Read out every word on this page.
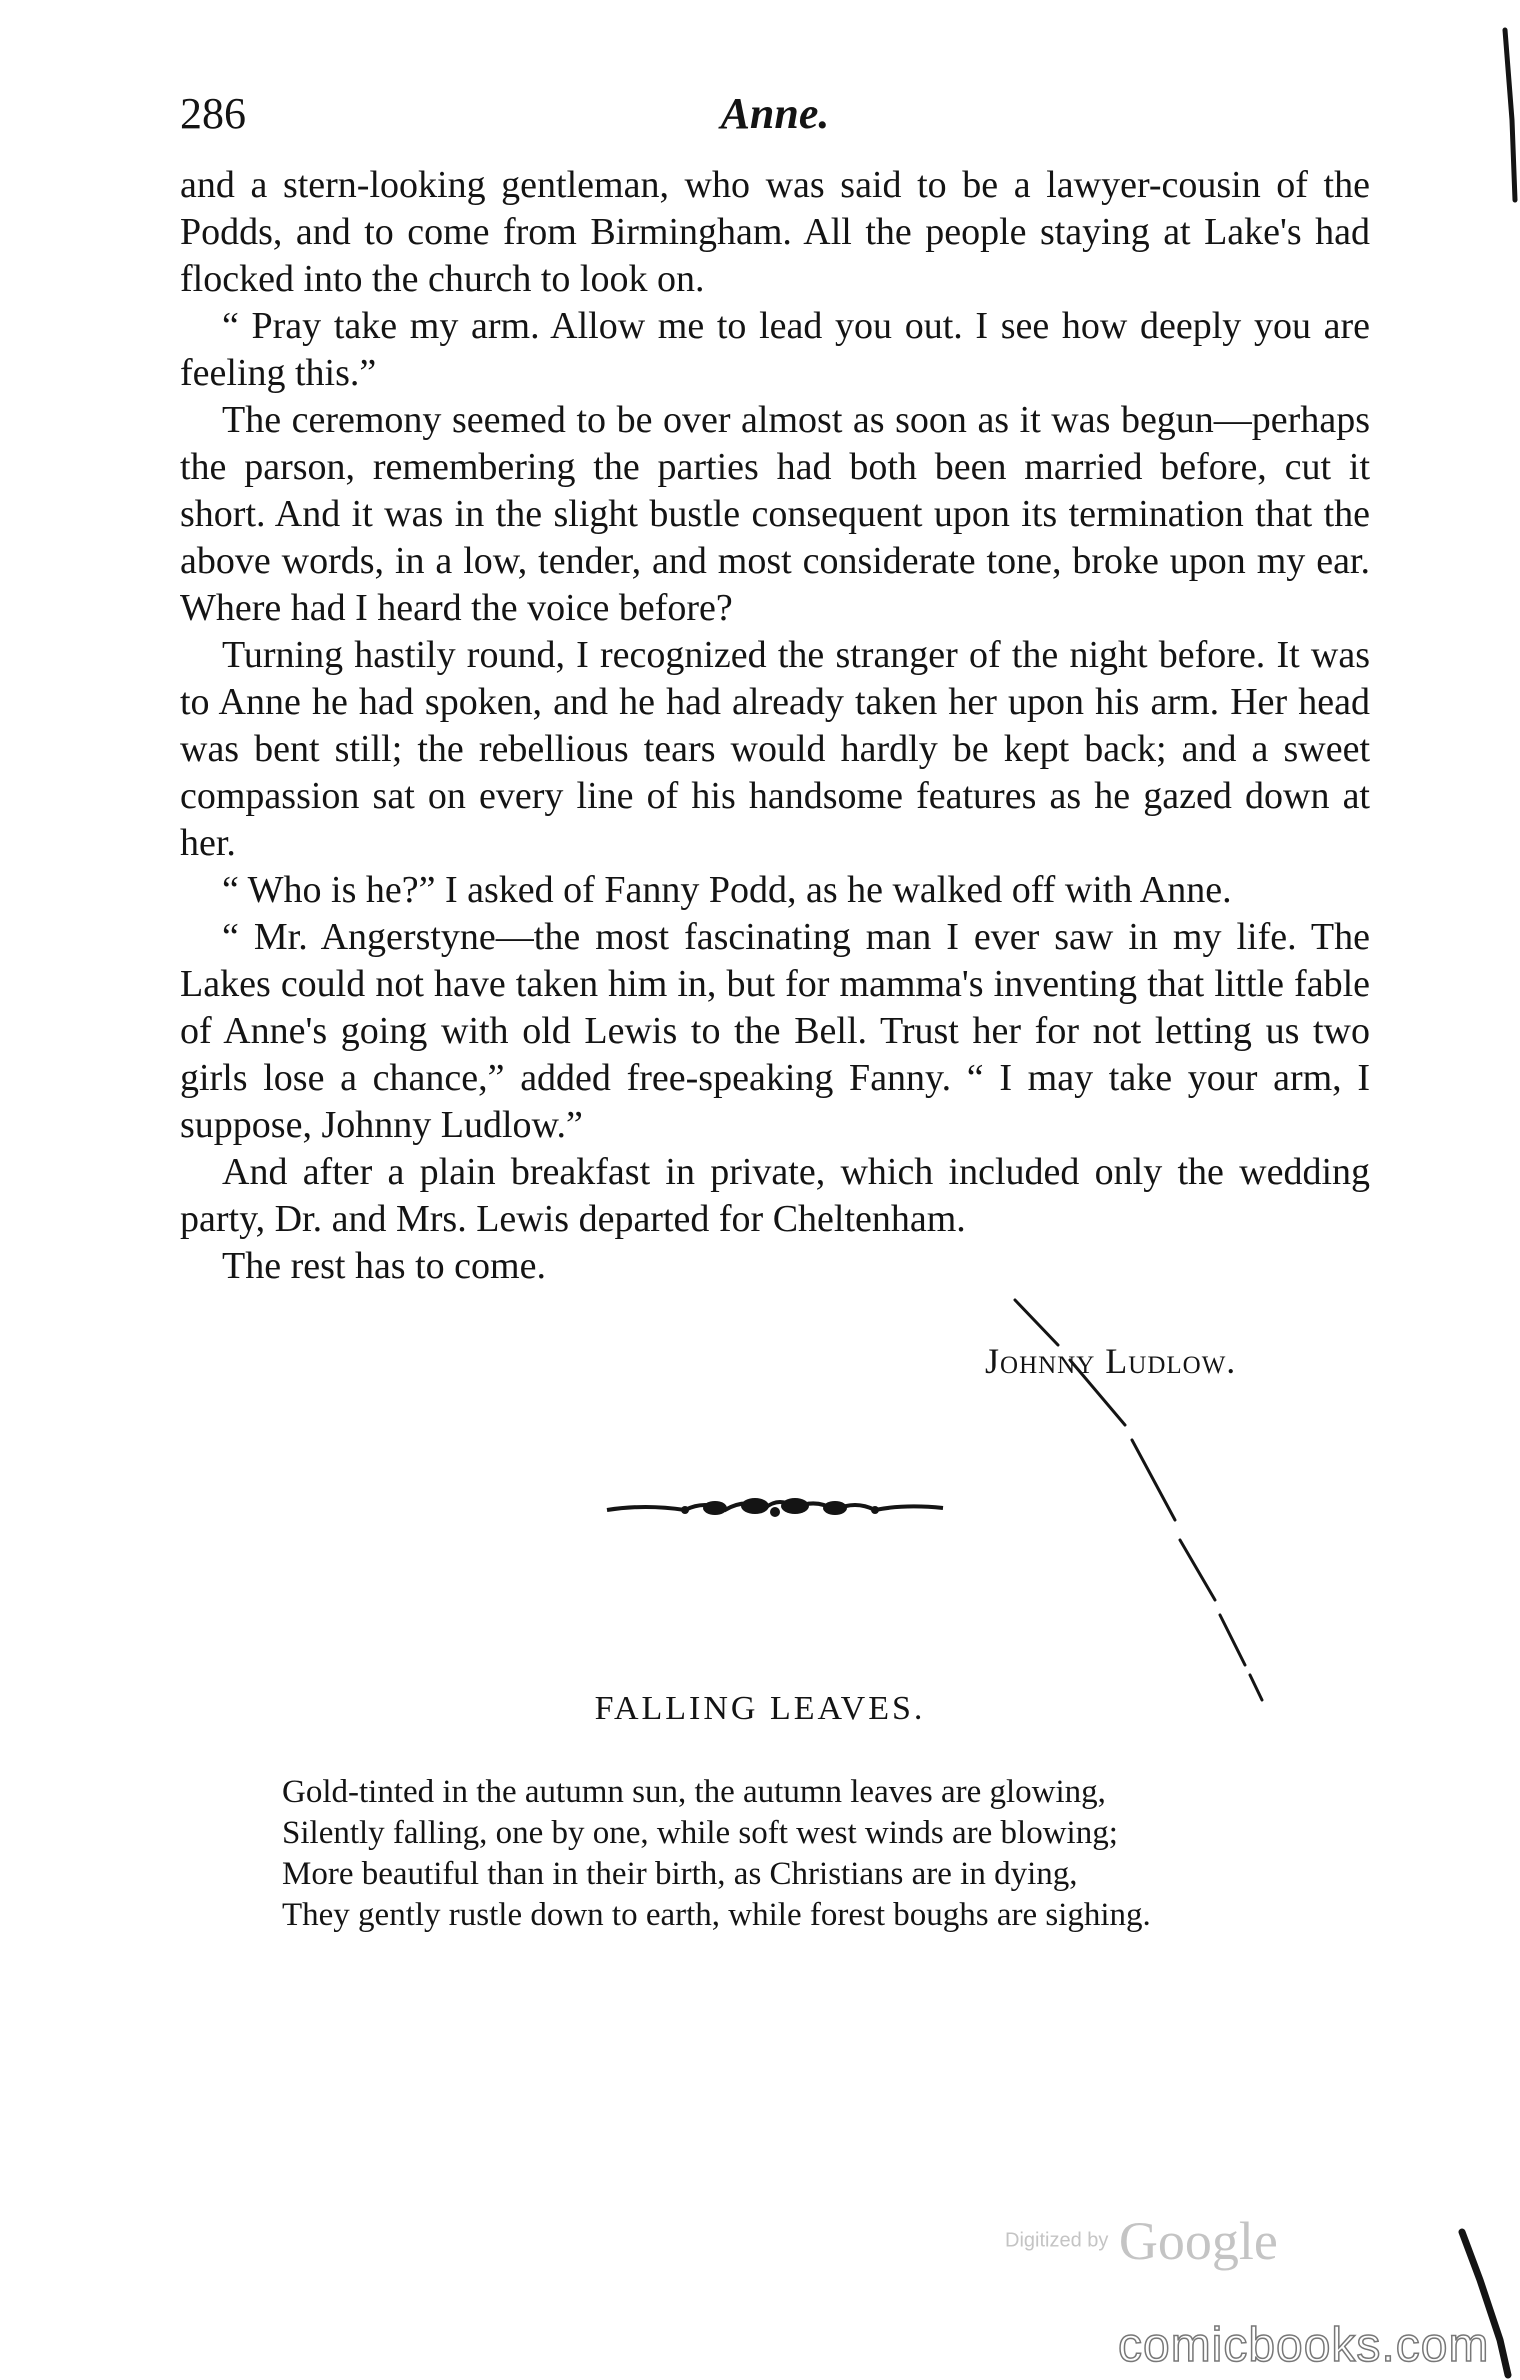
286	Anne.

and a stern-looking gentleman, who was said to be a lawyer-cousin of the Podds, and to come from Birmingham. All the people staying at Lake's had flocked into the church to look on.

“ Pray take my arm. Allow me to lead you out. I see how deeply you are feeling this.”

The ceremony seemed to be over almost as soon as it was begun—perhaps the parson, remembering the parties had both been married before, cut it short. And it was in the slight bustle consequent upon its termination that the above words, in a low, tender, and most considerate tone, broke upon my ear. Where had I heard the voice before?

Turning hastily round, I recognized the stranger of the night before. It was to Anne he had spoken, and he had already taken her upon his arm. Her head was bent still; the rebellious tears would hardly be kept back; and a sweet compassion sat on every line of his handsome features as he gazed down at her.

“ Who is he?” I asked of Fanny Podd, as he walked off with Anne.

“ Mr. Angerstyne—the most fascinating man I ever saw in my life. The Lakes could not have taken him in, but for mamma's inventing that little fable of Anne's going with old Lewis to the Bell. Trust her for not letting us two girls lose a chance,” added free-speaking Fanny. “ I may take your arm, I suppose, Johnny Ludlow.”

And after a plain breakfast in private, which included only the wedding party, Dr. and Mrs. Lewis departed for Cheltenham.

The rest has to come.

Johnny Ludlow.
FALLING LEAVES.
Gold-tinted in the autumn sun, the autumn leaves are glowing,
Silently falling, one by one, while soft west winds are blowing;
More beautiful than in their birth, as Christians are in dying,
They gently rustle down to earth, while forest boughs are sighing.
Digitized by Google
comicbooks.com
